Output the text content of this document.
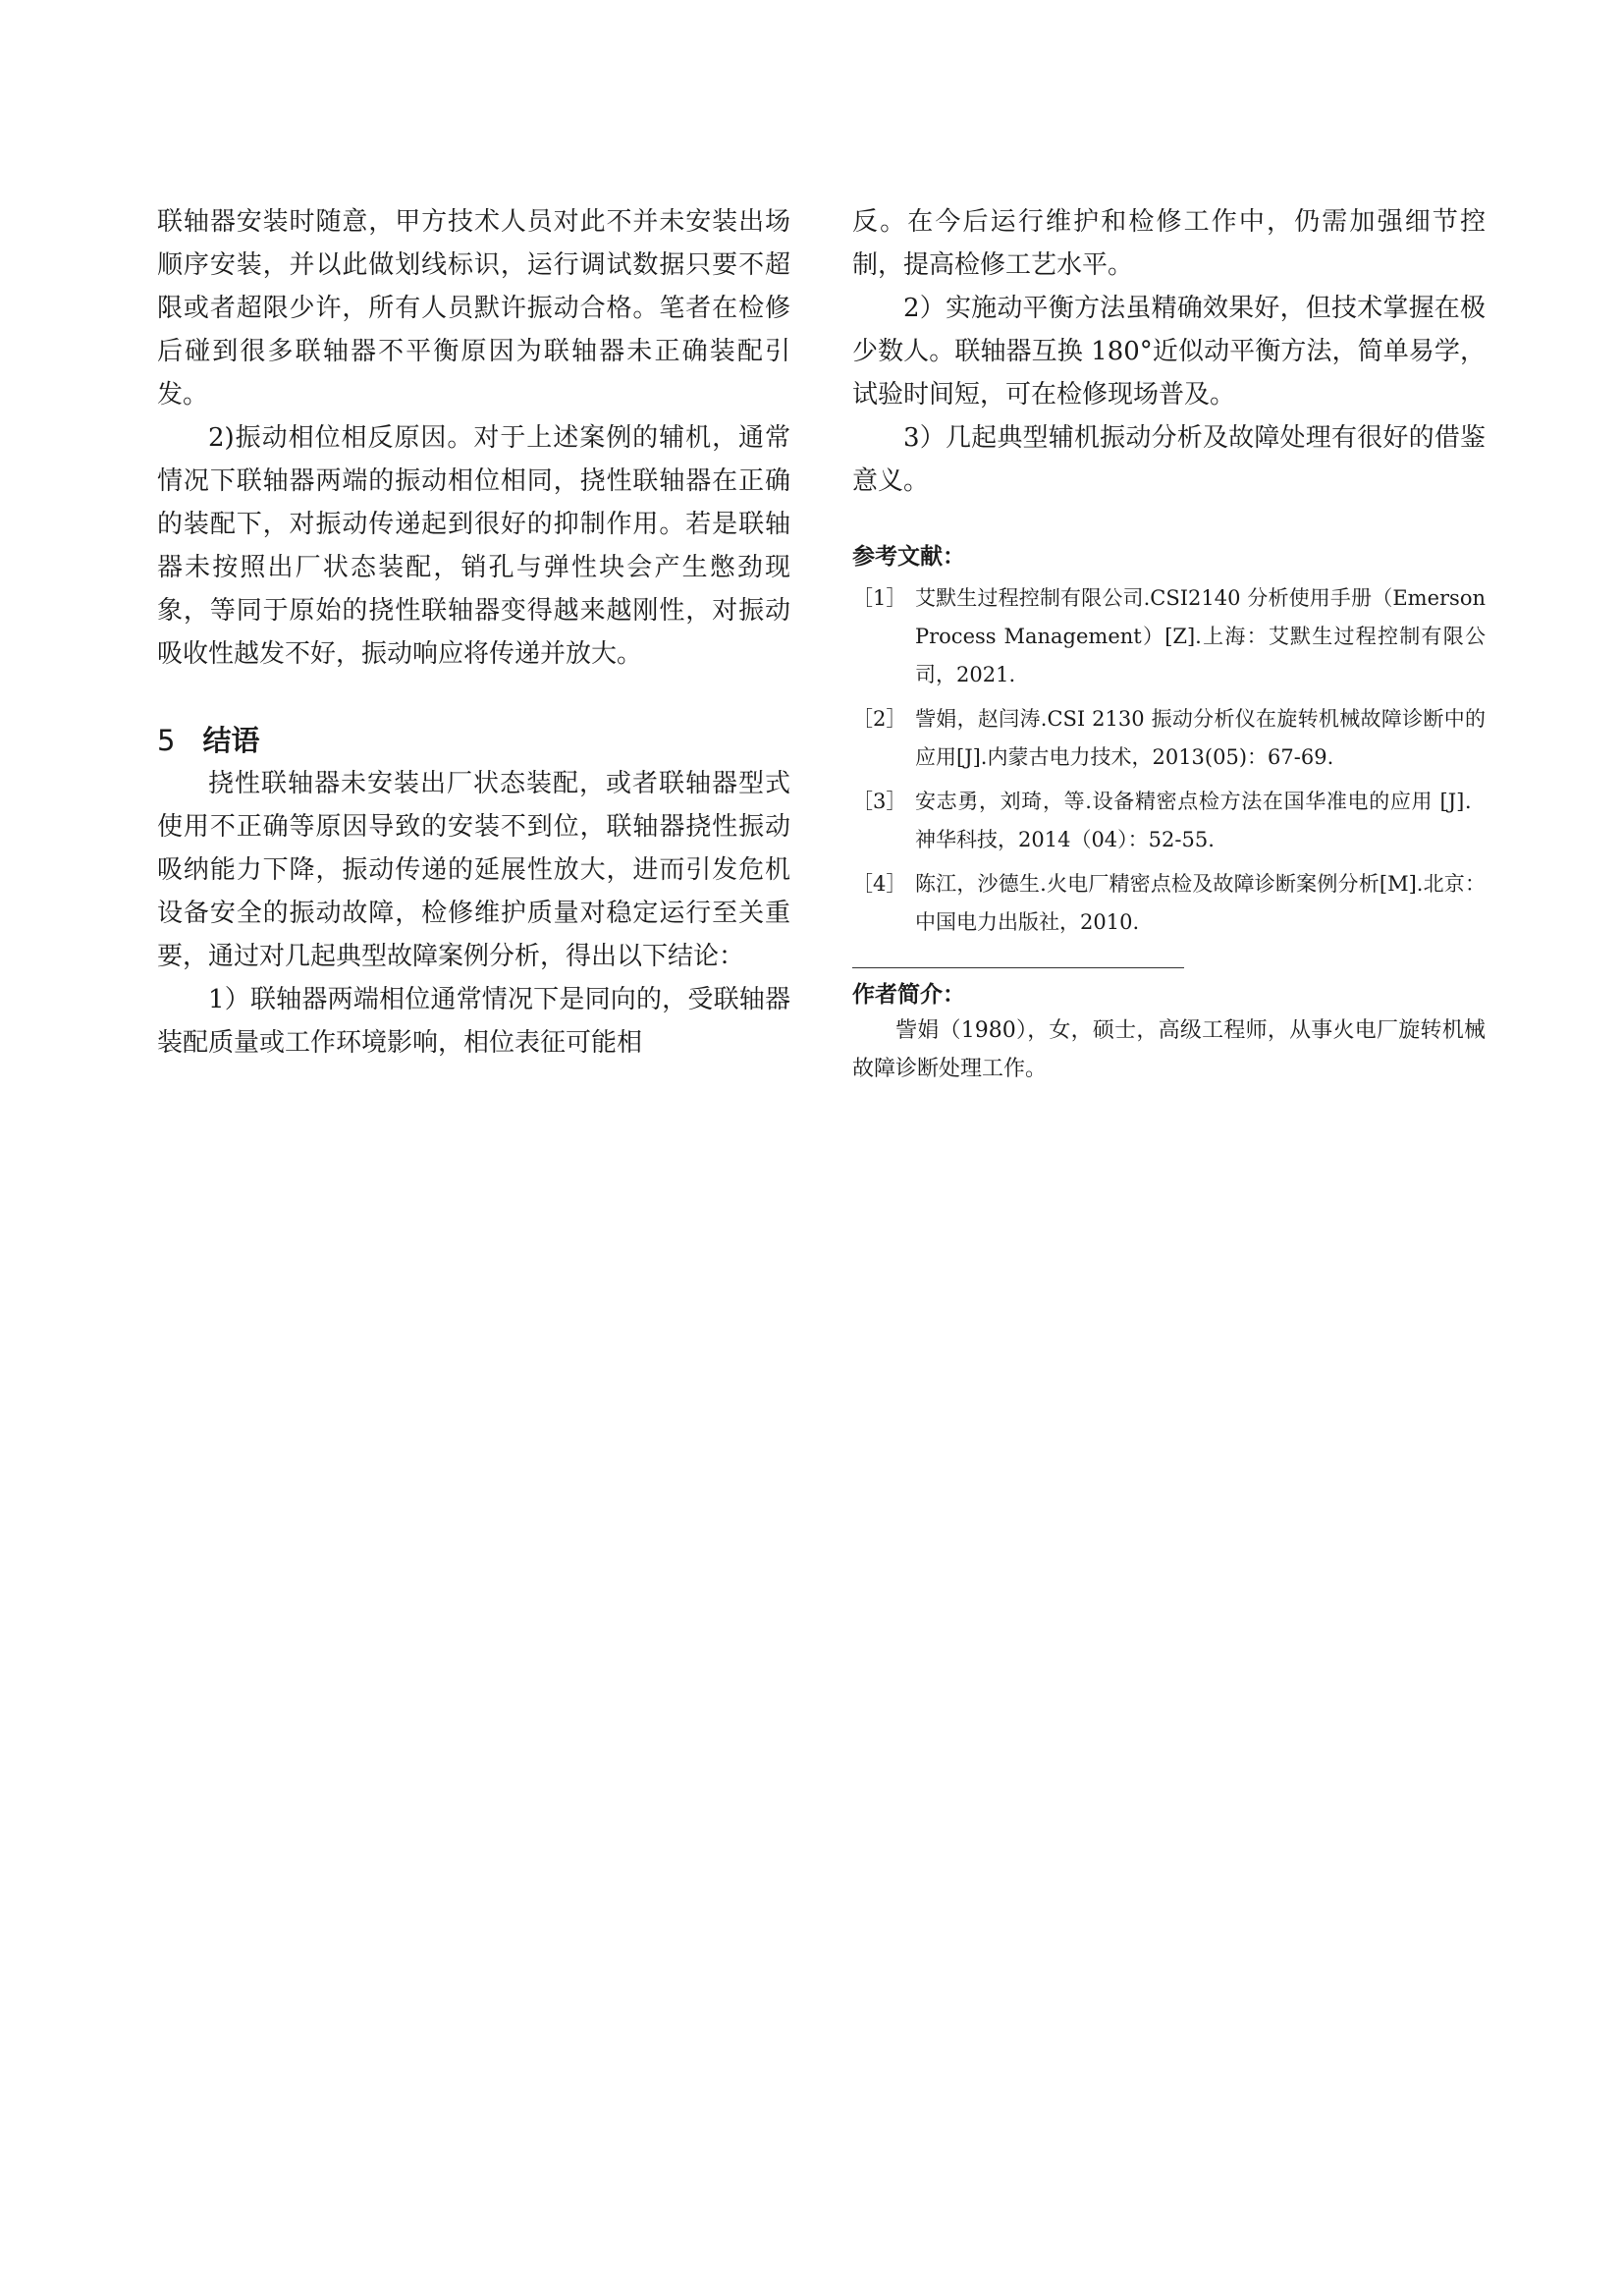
联轴器安装时随意，甲方技术人员对此不并未安装出场顺序安装，并以此做划线标识，运行调试数据只要不超限或者超限少许，所有人员默许振动合格。笔者在检修后碰到很多联轴器不平衡原因为联轴器未正确装配引发。

2)振动相位相反原因。对于上述案例的辅机，通常情况下联轴器两端的振动相位相同，挠性联轴器在正确的装配下，对振动传递起到很好的抑制作用。若是联轴器未按照出厂状态装配，销孔与弹性块会产生憋劲现象，等同于原始的挠性联轴器变得越来越刚性，对振动吸收性越发不好，振动响应将传递并放大。

5 结语

挠性联轴器未安装出厂状态装配，或者联轴器型式使用不正确等原因导致的安装不到位，联轴器挠性振动吸纳能力下降，振动传递的延展性放大，进而引发危机设备安全的振动故障，检修维护质量对稳定运行至关重要，通过对几起典型故障案例分析，得出以下结论：

1）联轴器两端相位通常情况下是同向的，受联轴器装配质量或工作环境影响，相位表征可能相

反。在今后运行维护和检修工作中，仍需加强细节控制，提高检修工艺水平。

2）实施动平衡方法虽精确效果好，但技术掌握在极少数人。联轴器互换 180°近似动平衡方法，简单易学，试验时间短，可在检修现场普及。

3）几起典型辅机振动分析及故障处理有很好的借鉴意义。

参考文献：
［1］ 艾默生过程控制有限公司.CSI2140 分析使用手册（Emerson Process Management）[Z].上海：艾默生过程控制有限公司，2021.
［2］ 訾娟，赵闫涛.CSI 2130 振动分析仪在旋转机械故障诊断中的应用[J].内蒙古电力技术，2013(05)：67-69.
［3］ 安志勇，刘琦，等.设备精密点检方法在国华准电的应用 [J]．神华科技，2014（04）：52-55.
［4］ 陈江，沙德生.火电厂精密点检及故障诊断案例分析[M].北京：中国电力出版社，2010.
作者简介：

訾娟（1980），女，硕士，高级工程师，从事火电厂旋转机械故障诊断处理工作。
